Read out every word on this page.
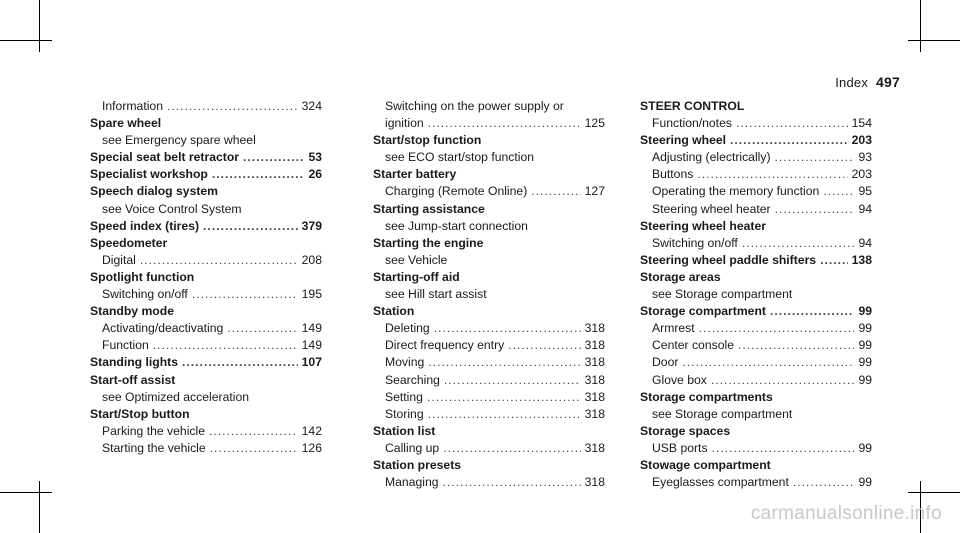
Index 497
Information .....	324
Spare wheel
see Emergency spare wheel
Special seat belt retractor .....	53
Specialist workshop .....	26
Speech dialog system
see Voice Control System
Speed index (tires) .....	379
Speedometer
Digital .....	208
Spotlight function
Switching on/off .....	195
Standby mode
Activating/deactivating .....	149
Function .....	149
Standing lights .....	107
Start-off assist
see Optimized acceleration
Start/Stop button
Parking the vehicle .....	142
Starting the vehicle .....	126
Switching on the power supply or
ignition .....	125
Start/stop function
see ECO start/stop function
Starter battery
Charging (Remote Online) .....	127
Starting assistance
see Jump-start connection
Starting the engine
see Vehicle
Starting-off aid
see Hill start assist
Station
Deleting .....	318
Direct frequency entry .....	318
Moving .....	318
Searching .....	318
Setting .....	318
Storing .....	318
Station list
Calling up .....	318
Station presets
Managing .....	318
STEER CONTROL
Function/notes .....	154
Steering wheel .....	203
Adjusting (electrically) .....	93
Buttons .....	203
Operating the memory function .....	95
Steering wheel heater .....	94
Steering wheel heater
Switching on/off .....	94
Steering wheel paddle shifters .....	138
Storage areas
see Storage compartment
Storage compartment .....	99
Armrest .....	99
Center console .....	99
Door .....	99
Glove box .....	99
Storage compartments
see Storage compartment
Storage spaces
USB ports .....	99
Stowage compartment
Eyeglasses compartment .....	99
carmanualsonline.info
